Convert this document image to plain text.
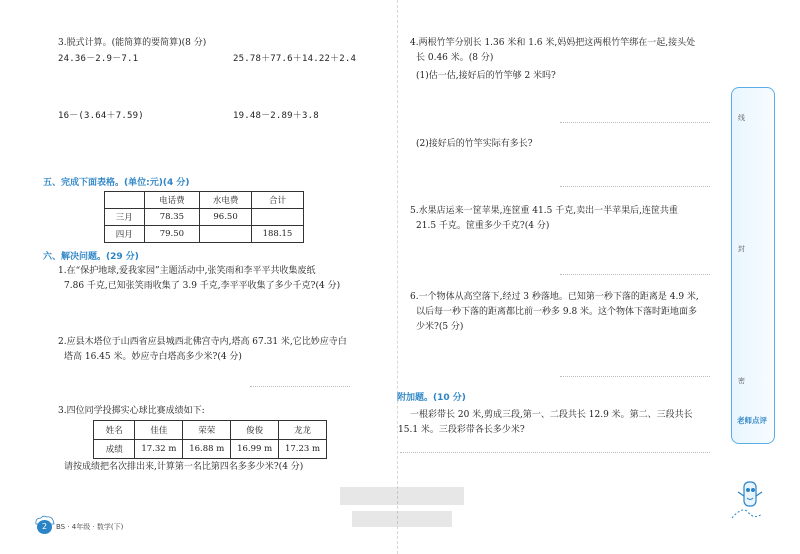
3.脱式计算。(能简算的要简算)(8 分)
24.36－2.9－7.1	25.78＋77.6＋14.22＋2.4
16－(3.64＋7.59)	19.48－2.89＋3.8
五、完成下面表格。(单位:元)(4 分)
	电话费	水电费	合计
三月	78.35	96.50	
四月	79.50		188.15
六、解决问题。(29 分)
1.在“保护地球,爱我家园”主题活动中,张笑雨和李平平共收集废纸
7.86 千克,已知张笑雨收集了 3.9 千克,李平平收集了多少千克?(4 分)
2.应县木塔位于山西省应县城西北佛宫寺内,塔高 67.31 米,它比妙应寺白
塔高 16.45 米。妙应寺白塔高多少米?(4 分)
3.四位同学投掷实心球比赛成绩如下:
姓名	佳佳	荣荣	俊俊	龙龙
成绩	17.32 m	16.88 m	16.99 m	17.23 m
请按成绩把名次排出来,计算第一名比第四名多多少米?(4 分)
4.两根竹竿分别长 1.36 米和 1.6 米,妈妈把这两根竹竿绑在一起,接头处
长 0.46 米。(8 分)
(1)估一估,接好后的竹竿够 2 米吗?
(2)接好后的竹竿实际有多长?
5.水果店运来一筐苹果,连筐重 41.5 千克,卖出一半苹果后,连筐共重
21.5 千克。筐重多少千克?(4 分)
6.一个物体从高空落下,经过 3 秒落地。已知第一秒下落的距离是 4.9 米,
以后每一秒下落的距离都比前一秒多 9.8 米。这个物体下落时距地面多
少米?(5 分)
附加题。(10 分)
一根彩带长 20 米,剪成三段,第一、二段共长 12.9 米。第二、三段共长
15.1 米。三段彩带各长多少米?
线
封
密
老师点评
2	BS · 4年级 · 数学(下)
